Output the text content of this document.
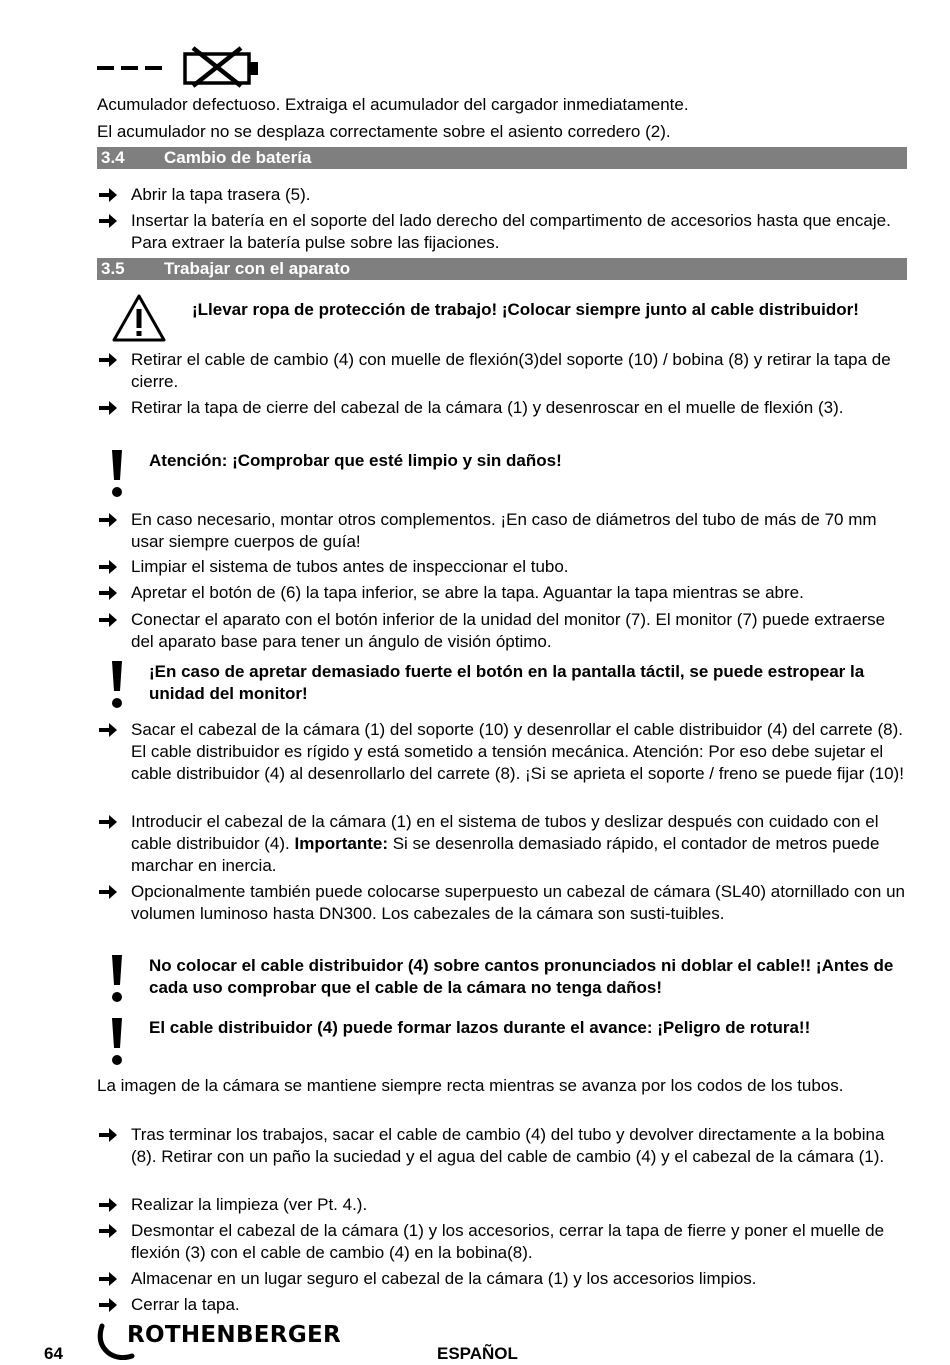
Acumulador defectuoso. Extraiga el acumulador del cargador inmediatamente.
El acumulador no se desplaza correctamente sobre el asiento corredero (2).
3.4 Cambio de batería
Abrir la tapa trasera (5).
Insertar la batería en el soporte del lado derecho del compartimento de accesorios hasta que encaje. Para extraer la batería pulse sobre las fijaciones.
3.5 Trabajar con el aparato
¡Llevar ropa de protección de trabajo! ¡Colocar siempre junto al cable distribuidor!
Retirar el cable de cambio (4) con muelle de flexión(3)del soporte (10) / bobina (8) y retirar la tapa de cierre.
Retirar la tapa de cierre del cabezal de la cámara (1) y desenroscar en el muelle de flexión (3).
Atención: ¡Comprobar que esté limpio y sin daños!
En caso necesario, montar otros complementos. ¡En caso de diámetros del tubo de más de 70 mm usar siempre cuerpos de guía!
Limpiar el sistema de tubos antes de inspeccionar el tubo.
Apretar el botón de (6) la tapa inferior, se abre la tapa. Aguantar la tapa mientras se abre.
Conectar el aparato con el botón inferior de la unidad del monitor (7). El monitor (7) puede extraerse del aparato base para tener un ángulo de visión óptimo.
¡En caso de apretar demasiado fuerte el botón en la pantalla táctil, se puede estropear la unidad del monitor!
Sacar el cabezal de la cámara (1) del soporte (10) y desenrollar el cable distribuidor (4) del carrete (8). El cable distribuidor es rígido y está sometido a tensión mecánica. Atención: Por eso debe sujetar el cable distribuidor (4) al desenrollarlo del carrete (8). ¡Si se aprieta el soporte / freno se puede fijar (10)!
Introducir el cabezal de la cámara (1) en el sistema de tubos y deslizar después con cuidado con el cable distribuidor (4). Importante: Si se desenrolla demasiado rápido, el contador de metros puede marchar en inercia.
Opcionalmente también puede colocarse superpuesto un cabezal de cámara (SL40) atornillado con un volumen luminoso hasta DN300. Los cabezales de la cámara son susti-tuibles.
No colocar el cable distribuidor (4) sobre cantos pronunciados ni doblar el cable!! ¡Antes de cada uso comprobar que el cable de la cámara no tenga daños!
El cable distribuidor (4) puede formar lazos durante el avance: ¡Peligro de rotura!!
La imagen de la cámara se mantiene siempre recta mientras se avanza por los codos de los tubos.
Tras terminar los trabajos, sacar el cable de cambio (4) del tubo y devolver directamente a la bobina (8). Retirar con un paño la suciedad y el agua del cable de cambio (4) y el cabezal de la cámara (1).
Realizar la limpieza (ver Pt. 4.).
Desmontar el cabezal de la cámara (1) y los accesorios, cerrar la tapa de fierre y poner el muelle de flexión (3) con el cable de cambio (4) en la bobina(8).
Almacenar en un lugar seguro el cabezal de la cámara (1) y los accesorios limpios.
Cerrar la tapa.
64
ROTHENBERGER
ESPAÑOL
